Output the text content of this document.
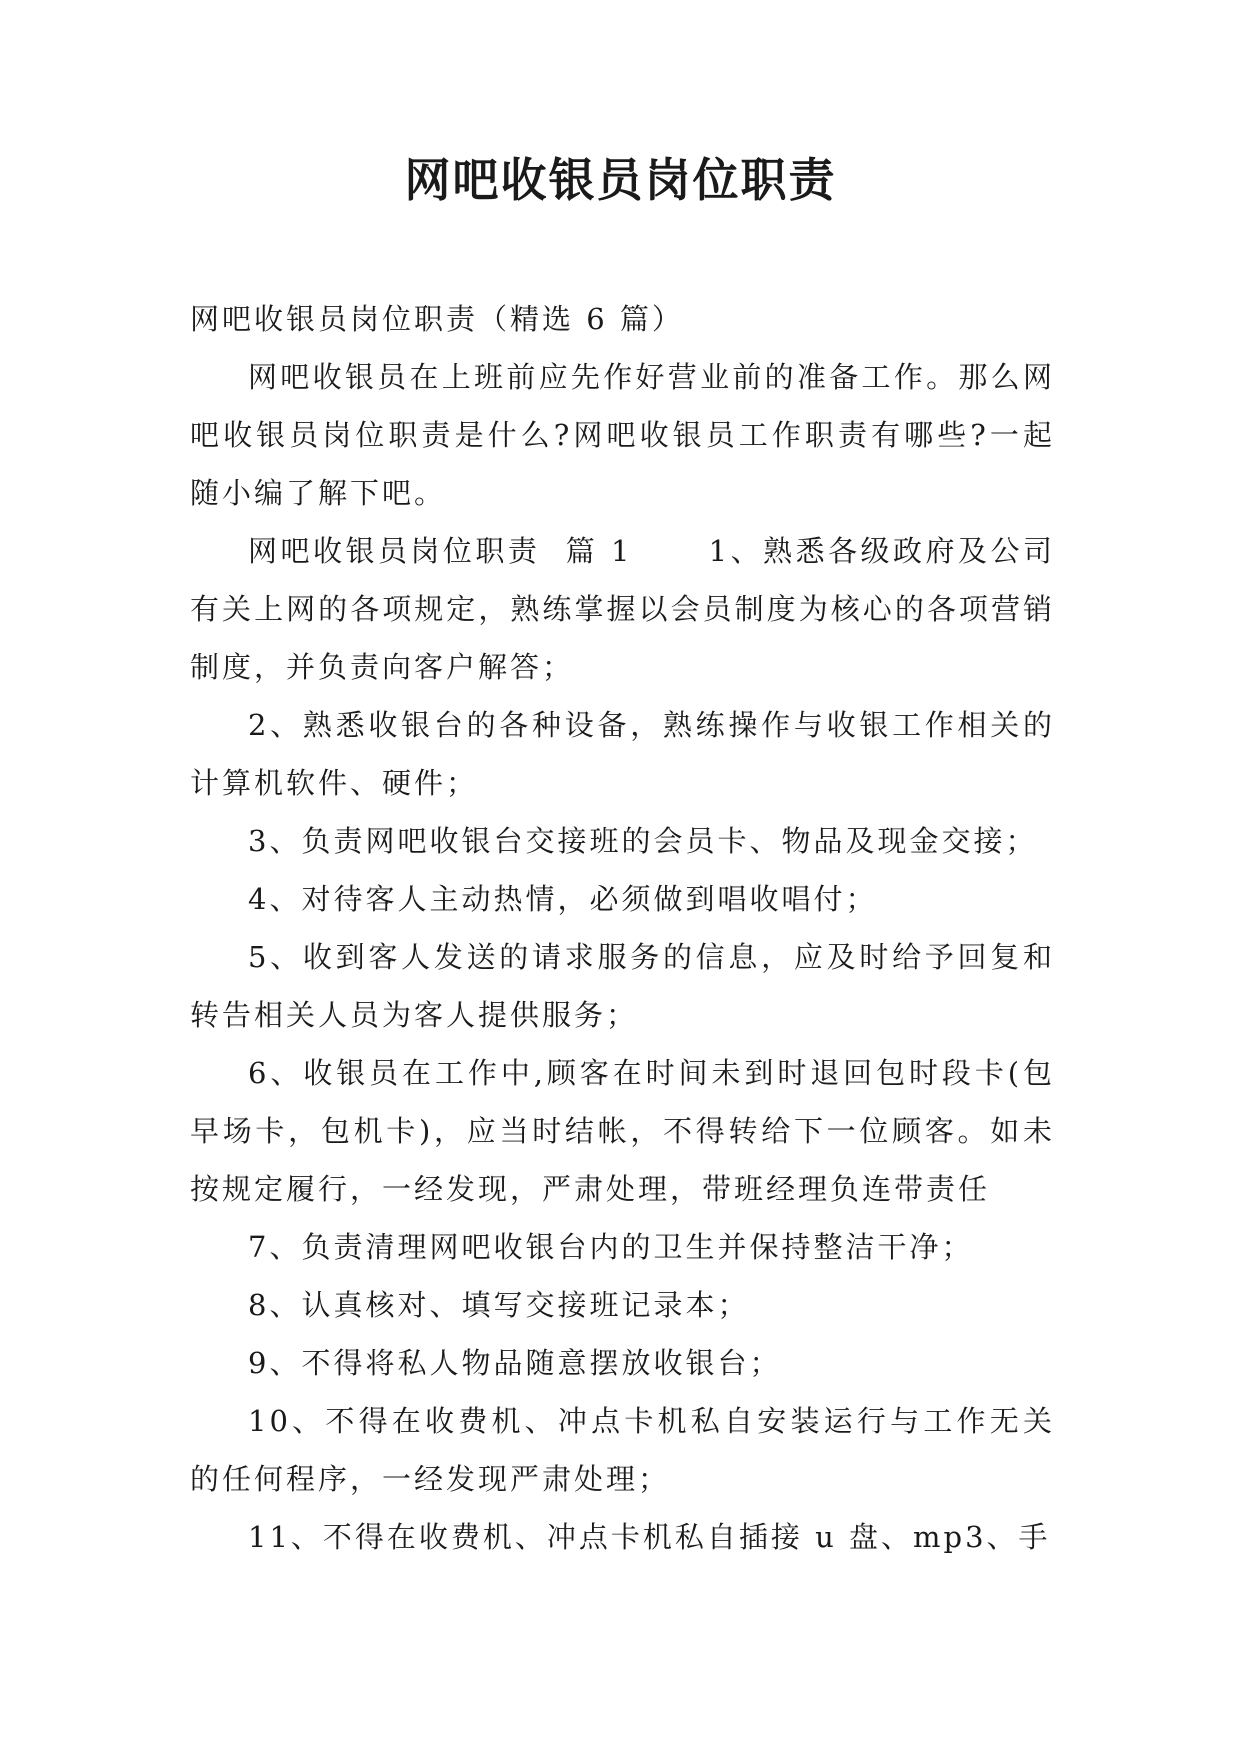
网吧收银员岗位职责

网吧收银员岗位职责（精选 6 篇）

网吧收银员在上班前应先作好营业前的准备工作。那么网吧收银员岗位职责是什么?网吧收银员工作职责有哪些?一起随小编了解下吧。

网吧收银员岗位职责  篇 1      1、熟悉各级政府及公司有关上网的各项规定，熟练掌握以会员制度为核心的各项营销制度，并负责向客户解答；

2、熟悉收银台的各种设备，熟练操作与收银工作相关的计算机软件、硬件；

3、负责网吧收银台交接班的会员卡、物品及现金交接；

4、对待客人主动热情，必须做到唱收唱付；

5、收到客人发送的请求服务的信息，应及时给予回复和转告相关人员为客人提供服务；

6、收银员在工作中,顾客在时间未到时退回包时段卡(包早场卡，包机卡)，应当时结帐，不得转给下一位顾客。如未按规定履行，一经发现，严肃处理，带班经理负连带责任

7、负责清理网吧收银台内的卫生并保持整洁干净；

8、认真核对、填写交接班记录本；

9、不得将私人物品随意摆放收银台；

10、不得在收费机、冲点卡机私自安装运行与工作无关的任何程序，一经发现严肃处理；

11、不得在收费机、冲点卡机私自插接 u 盘、mp3、手
